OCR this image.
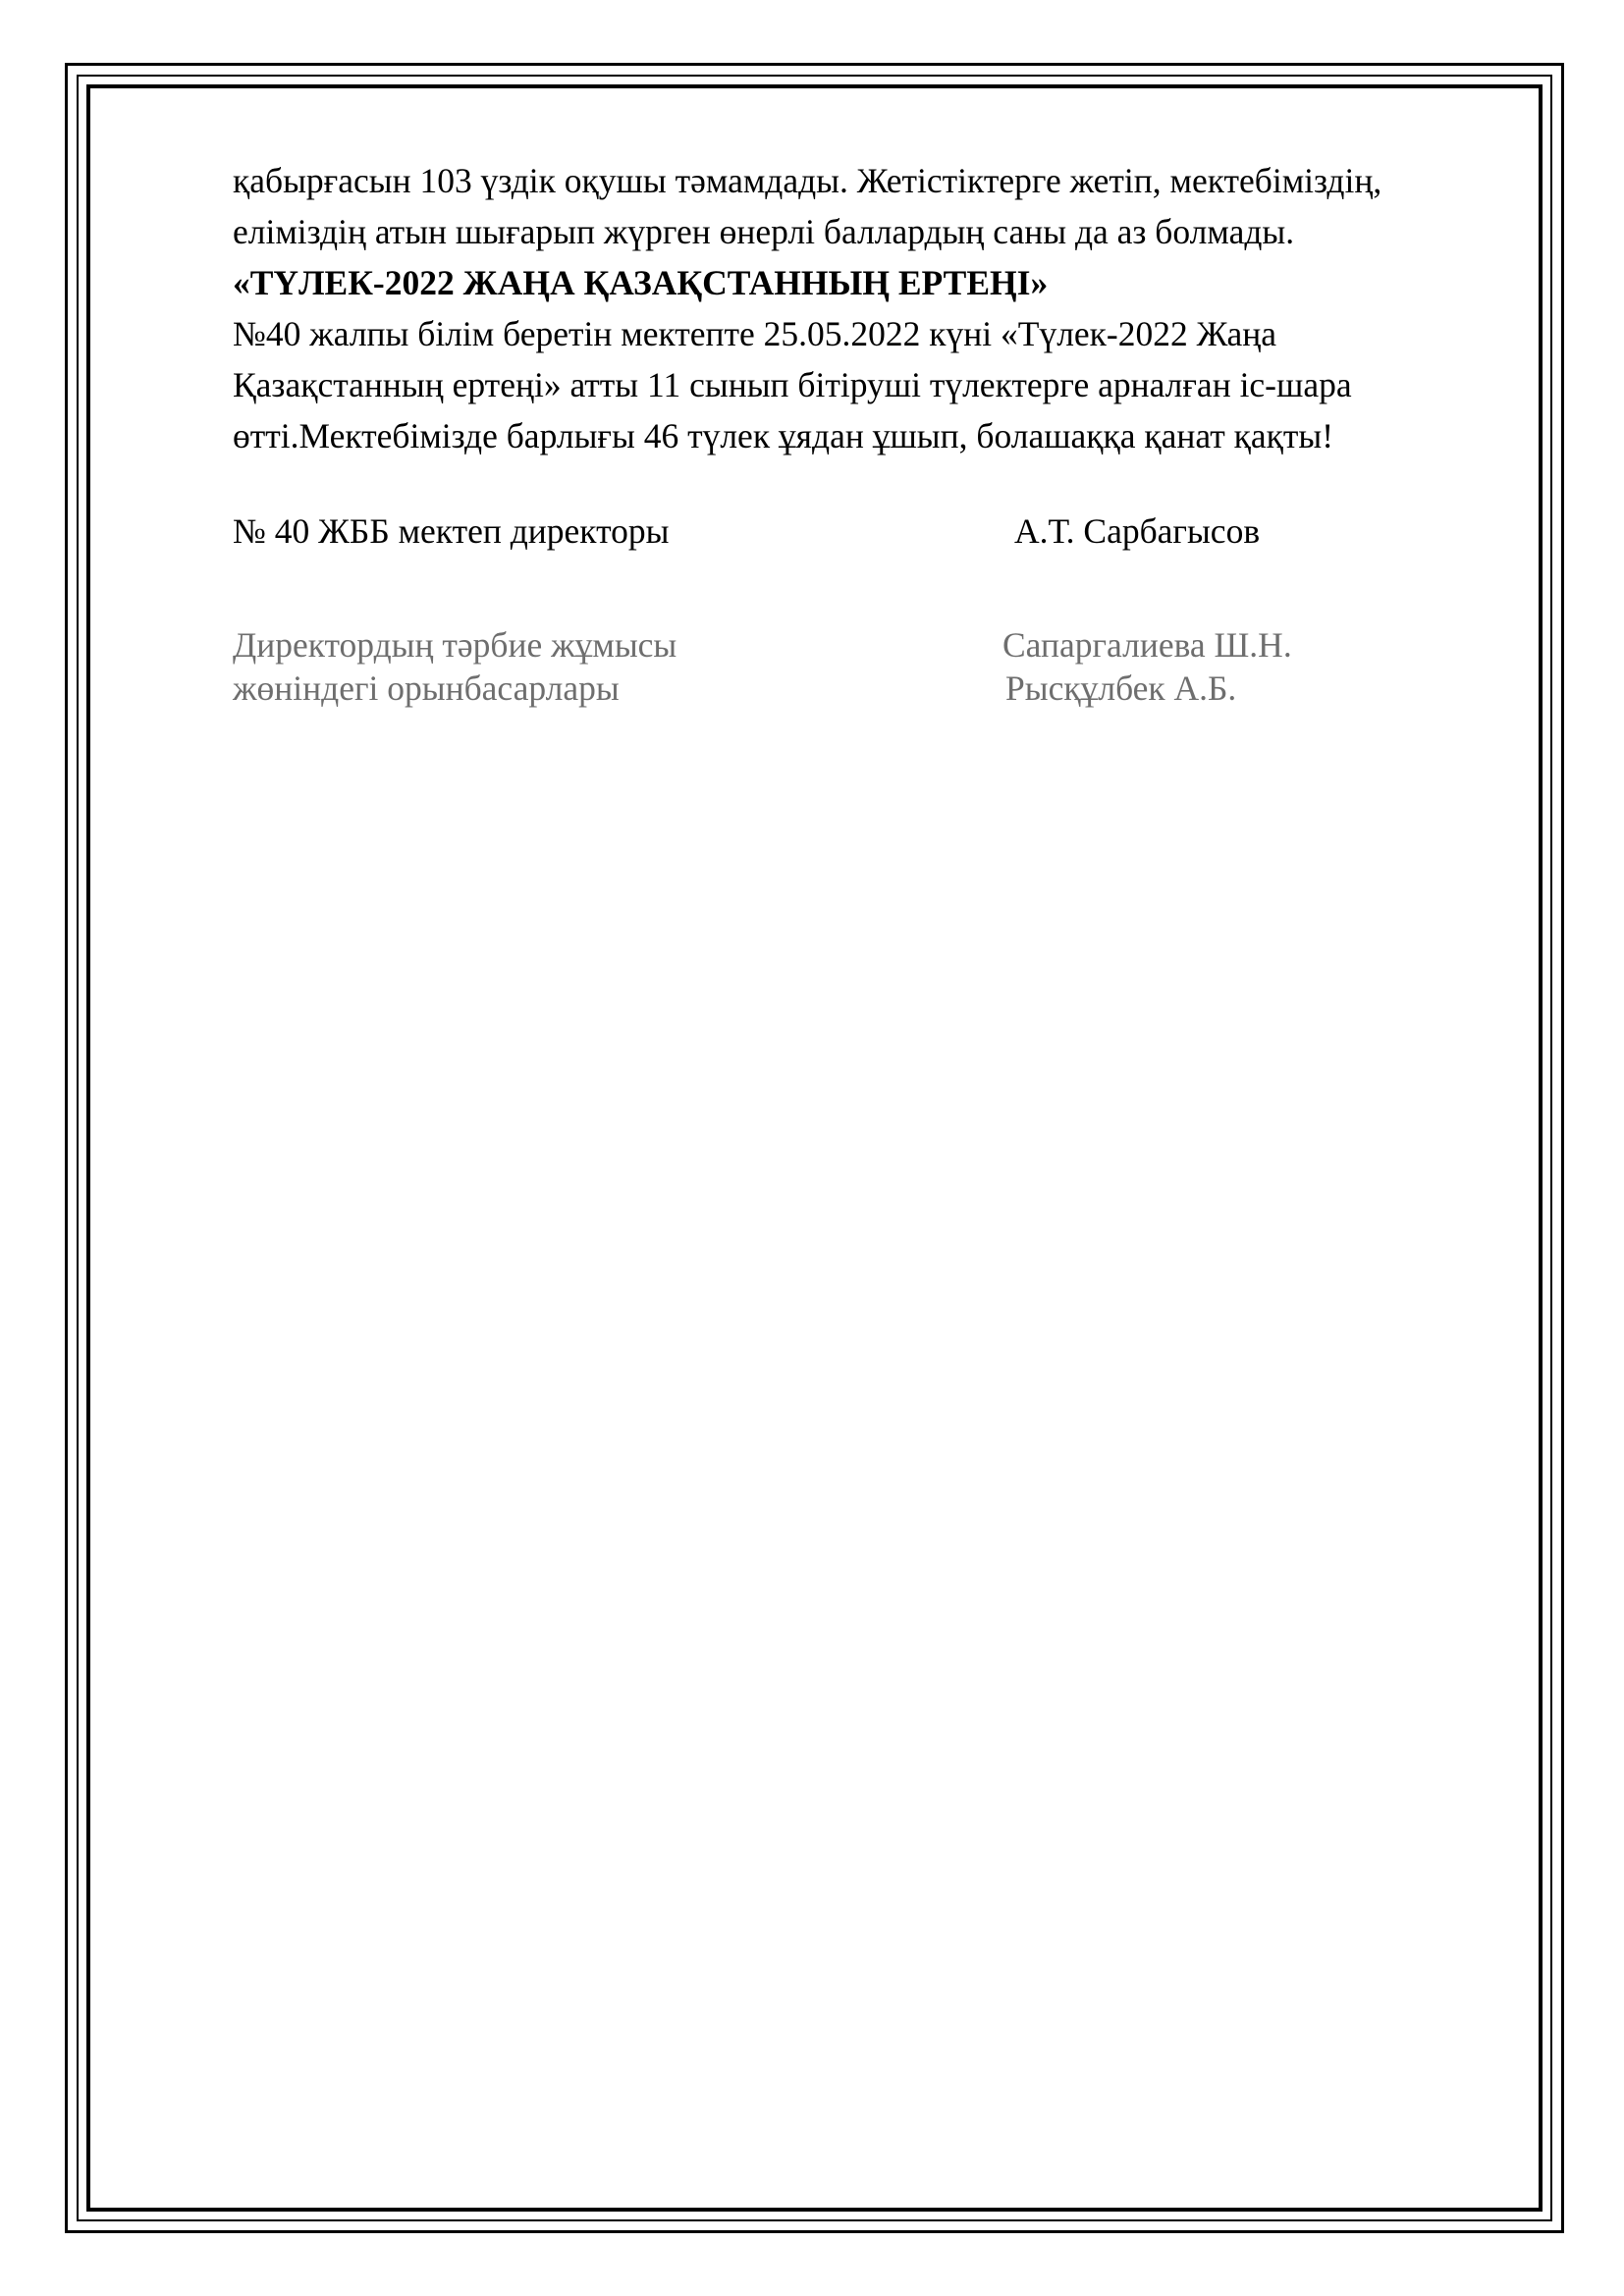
қабырғасын 103 үздік оқушы тәмамдады. Жетістіктерге жетіп, мектебіміздің,

еліміздің атын шығарып жүрген өнерлі баллардың саны да аз болмады.

«ТҮЛЕК-2022 ЖАҢА ҚАЗАҚСТАННЫҢ ЕРТЕҢІ»

№40 жалпы білім беретін мектепте 25.05.2022 күні «Түлек-2022 Жаңа

Қазақстанның ертеңі» атты 11 сынып бітіруші түлектерге арналған іс-шара

өтті.Мектебімізде барлығы 46 түлек ұядан ұшып, болашаққа қанат қақты!

№ 40 ЖББ мектеп директоры	А.Т. Сарбагысов
Директордың тәрбие жұмысы	Сапаргалиева Ш.Н.
жөніндегі орынбасарлары	Рысқұлбек А.Б.
